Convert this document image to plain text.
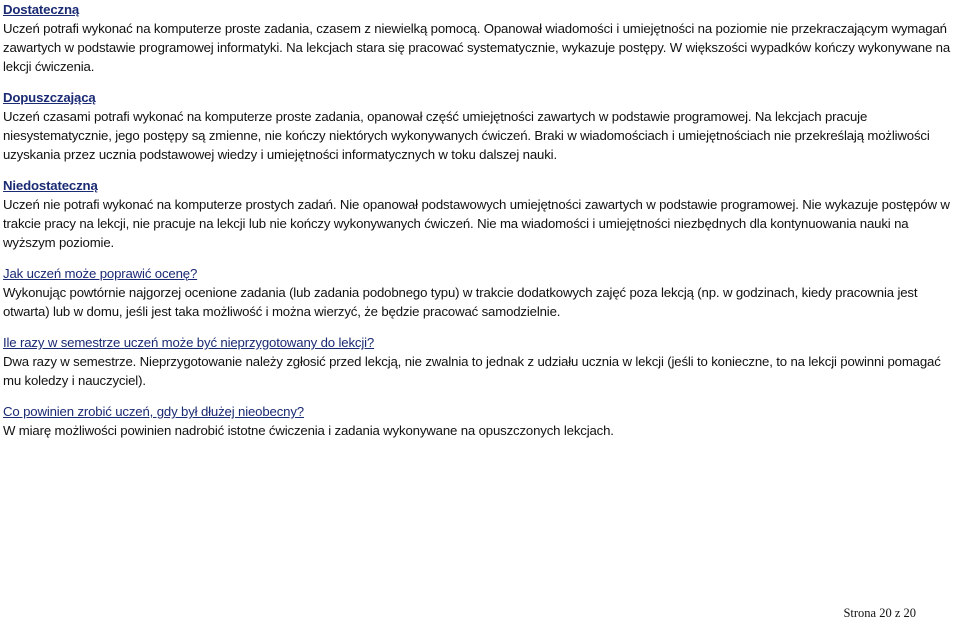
Dostateczną
Uczeń potrafi wykonać na komputerze proste zadania, czasem z niewielką pomocą. Opanował wiadomości i umiejętności na poziomie nie przekraczającym wymagań zawartych w podstawie programowej informatyki. Na lekcjach stara się pracować systematycznie, wykazuje postępy. W większości wypadków kończy wykonywane na lekcji ćwiczenia.
Dopuszczającą
Uczeń czasami potrafi wykonać na komputerze proste zadania, opanował część umiejętności zawartych w podstawie programowej. Na lekcjach pracuje niesystematycznie, jego postępy są zmienne, nie kończy niektórych wykonywanych ćwiczeń. Braki w wiadomościach i umiejętnościach nie przekreślają możliwości uzyskania przez ucznia podstawowej wiedzy i umiejętności informatycznych w toku dalszej nauki.
Niedostateczną
Uczeń nie potrafi wykonać na komputerze prostych zadań. Nie opanował podstawowych umiejętności zawartych w podstawie programowej. Nie wykazuje postępów w trakcie pracy na lekcji, nie pracuje na lekcji lub nie kończy wykonywanych ćwiczeń. Nie ma wiadomości i umiejętności niezbędnych dla kontynuowania nauki na wyższym poziomie.
Jak uczeń może poprawić ocenę?
Wykonując powtórnie najgorzej ocenione zadania (lub zadania podobnego typu) w trakcie dodatkowych zajęć poza lekcją (np. w godzinach, kiedy pracownia jest otwarta) lub w domu, jeśli jest taka możliwość i można wierzyć, że będzie pracować samodzielnie.
Ile razy w semestrze uczeń może być nieprzygotowany do lekcji?
Dwa razy w semestrze. Nieprzygotowanie należy zgłosić przed lekcją, nie zwalnia to jednak z udziału ucznia w lekcji (jeśli to konieczne, to na lekcji powinni pomagać mu koledzy i nauczyciel).
Co powinien zrobić uczeń, gdy był dłużej nieobecny?
W miarę możliwości powinien nadrobić istotne ćwiczenia i zadania wykonywane na opuszczonych lekcjach.
Strona 20 z 20
